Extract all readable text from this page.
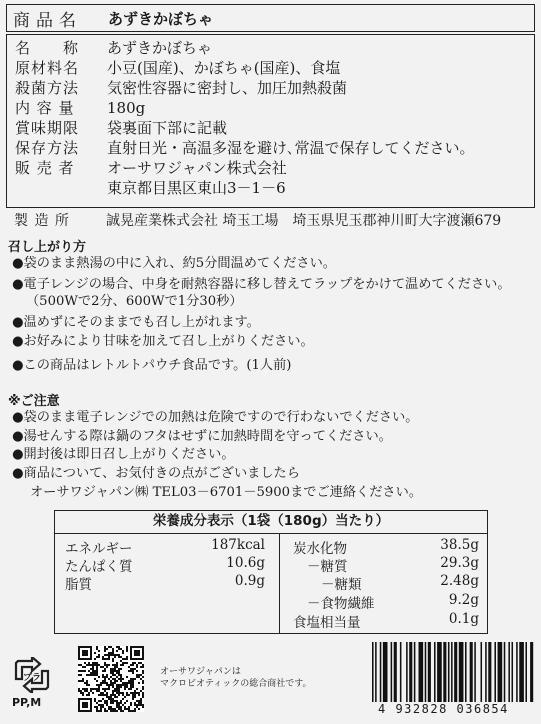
商品名	あずきかぼちゃ
名　　称	あずきかぼちゃ
原材料名	小豆(国産)、かぼちゃ(国産)、食塩
殺菌方法	気密性容器に密封し、加圧加熱殺菌
内 容 量	180g
賞味期限	袋裏面下部に記載
保存方法	直射日光・高温多湿を避け､常温で保存してください。
販 売 者	オーサワジャパン株式会社
東京都目黒区東山3－1－6
製 造 所	誠晃産業株式会社 埼玉工場　埼玉県児玉郡神川町大字渡瀬679
召し上がり方
●袋のまま熱湯の中に入れ、約5分間温めてください。
●電子レンジの場合、中身を耐熱容器に移し替えてラップをかけて温めてください。
（500Wで2分、600Wで1分30秒）
●温めずにそのままでも召し上がれます。
●お好みにより甘味を加えて召し上がりください。
●この商品はレトルトパウチ食品です。(1人前)
※ご注意
●袋のまま電子レンジでの加熱は危険ですので行わないでください。
●湯せんする際は鍋のフタはせずに加熱時間を守ってください。
●開封後は即日召し上がりください。
●商品について、お気付きの点がございましたら
オーサワジャパン㈱ TEL03－6701－5900までご連絡ください。
栄養成分表示（1袋（180g）当たり）
エネルギー	187kcal
たんぱく質	10.6g
脂質	0.9g
炭水化物	38.5g
－糖質	29.3g
－糖類	2.48g
－食物繊維	9.2g
食塩相当量	0.1g
プラ
PP,M
オーサワジャパンは
マクロビオティックの総合商社です。
4 932828 036854
